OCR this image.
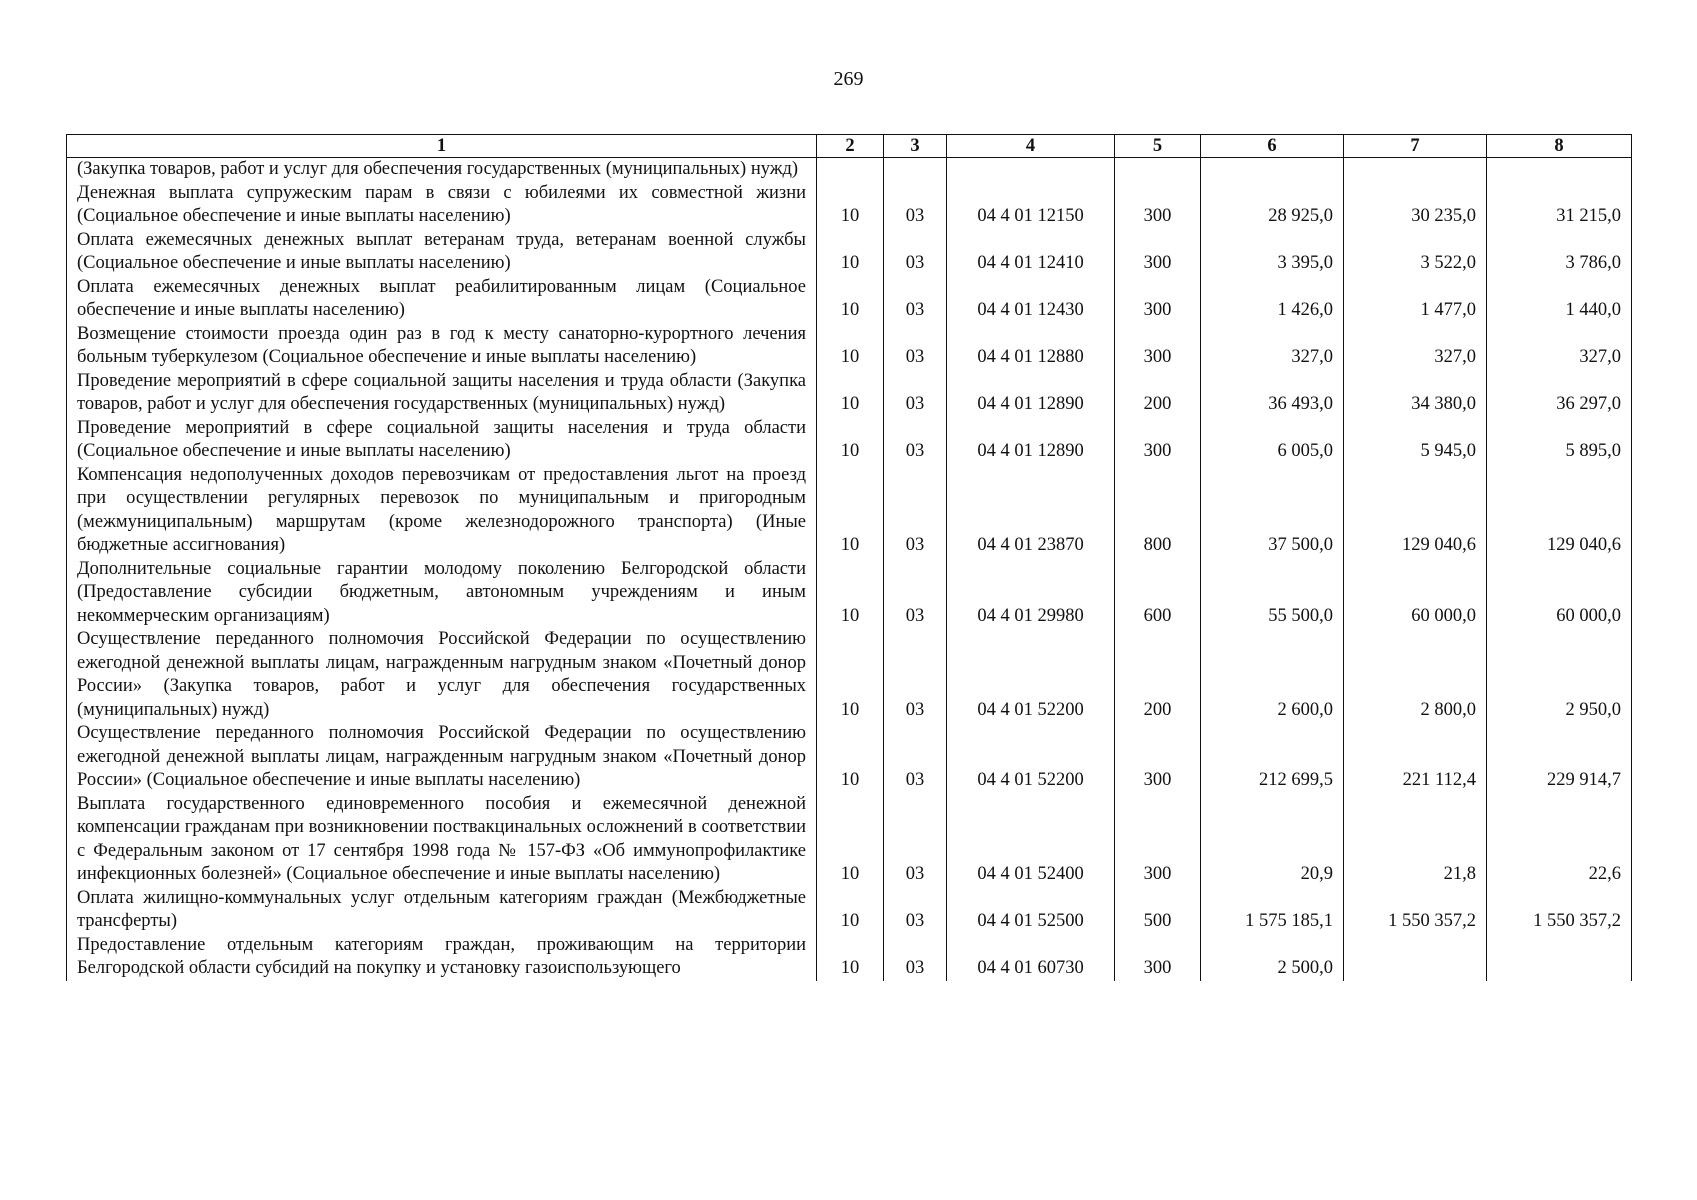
269
1	2	3	4	5	6	7	8
(Закупка товаров, работ и услуг для обеспечения государственных (муниципальных) нужд)							
Денежная выплата супружеским парам в связи с юбилеями их совместной жизни (Социальное обеспечение и иные выплаты населению)	10	03	04 4 01 12150	300	28 925,0	30 235,0	31 215,0
Оплата ежемесячных денежных выплат ветеранам труда, ветеранам военной службы (Социальное обеспечение и иные выплаты населению)	10	03	04 4 01 12410	300	3 395,0	3 522,0	3 786,0
Оплата ежемесячных денежных выплат реабилитированным лицам (Социальное обеспечение и иные выплаты населению)	10	03	04 4 01 12430	300	1 426,0	1 477,0	1 440,0
Возмещение стоимости проезда один раз в год к месту санаторно-курортного лечения больным туберкулезом (Социальное обеспечение и иные выплаты населению)	10	03	04 4 01 12880	300	327,0	327,0	327,0
Проведение мероприятий в сфере социальной защиты населения и труда области (Закупка товаров, работ и услуг для обеспечения государственных (муниципальных) нужд)	10	03	04 4 01 12890	200	36 493,0	34 380,0	36 297,0
Проведение мероприятий в сфере социальной защиты населения и труда области (Социальное обеспечение и иные выплаты населению)	10	03	04 4 01 12890	300	6 005,0	5 945,0	5 895,0
Компенсация недополученных доходов перевозчикам от предоставления льгот на проезд при осуществлении регулярных перевозок по муниципальным и пригородным (межмуниципальным) маршрутам (кроме железнодорожного транспорта) (Иные бюджетные ассигнования)	10	03	04 4 01 23870	800	37 500,0	129 040,6	129 040,6
Дополнительные социальные гарантии молодому поколению Белгородской области (Предоставление субсидии бюджетным, автономным учреждениям и иным некоммерческим организациям)	10	03	04 4 01 29980	600	55 500,0	60 000,0	60 000,0
Осуществление переданного полномочия Российской Федерации по осуществлению ежегодной денежной выплаты лицам, награжденным нагрудным знаком «Почетный донор России» (Закупка товаров, работ и услуг для обеспечения государственных (муниципальных) нужд)	10	03	04 4 01 52200	200	2 600,0	2 800,0	2 950,0
Осуществление переданного полномочия Российской Федерации по осуществлению ежегодной денежной выплаты лицам, награжденным нагрудным знаком «Почетный донор России» (Социальное обеспечение и иные выплаты населению)	10	03	04 4 01 52200	300	212 699,5	221 112,4	229 914,7
Выплата государственного единовременного пособия и ежемесячной денежной компенсации гражданам при возникновении поствакцинальных осложнений в соответствии с Федеральным законом от 17 сентября 1998 года № 157-ФЗ «Об иммунопрофилактике инфекционных болезней» (Социальное обеспечение и иные выплаты населению)	10	03	04 4 01 52400	300	20,9	21,8	22,6
Оплата жилищно-коммунальных услуг отдельным категориям граждан (Межбюджетные трансферты)	10	03	04 4 01 52500	500	1 575 185,1	1 550 357,2	1 550 357,2
Предоставление отдельным категориям граждан, проживающим на территории Белгородской области субсидий на покупку и установку газоиспользующего	10	03	04 4 01 60730	300	2 500,0		
